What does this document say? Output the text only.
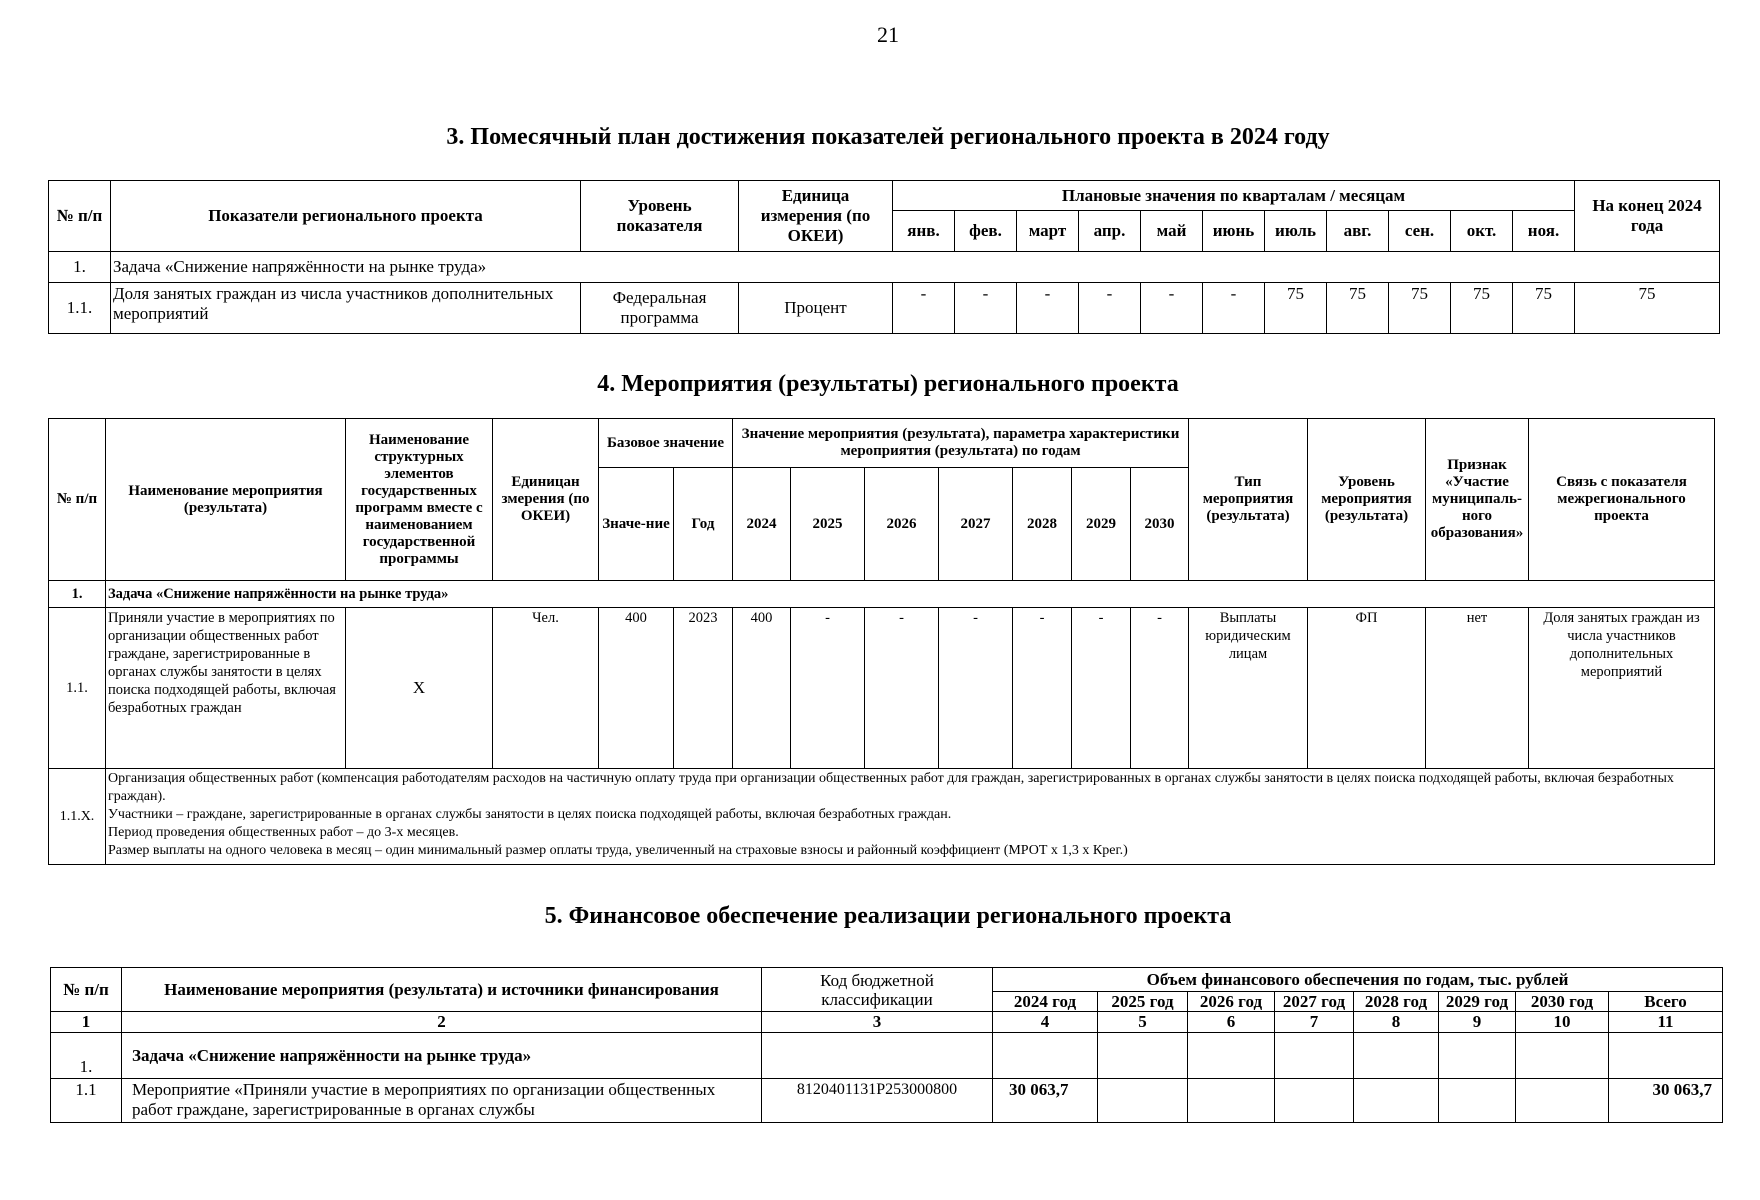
21
3. Помесячный план достижения показателей регионального проекта в 2024 году
№ п/п	Показатели регионального проекта	Уровень показателя	Единица измерения (по ОКЕИ)	Плановые значения по кварталам / месяцам											На конец 2024 года
				янв.	фев.	март	апр.	май	июнь	июль	авг.	сен.	окт.	ноя.	
1.	Задача «Снижение напряжённости на рынке труда»														
1.1.	Доля занятых граждан из числа участников дополнительных мероприятий	Федеральная программа	Процент	-	-	-	-	-	-	75	75	75	75	75	75
4. Мероприятия (результаты) регионального проекта
№ п/п	Наименование мероприятия (результата)	Наименование структурных элементов государственных программ вместе с наименованием государственной программы	Единицан змерения (по ОКЕИ)	Базовое значение		Значение мероприятия (результата), параметра характеристики мероприятия (результата) по годам							Тип мероприятия (результата)	Уровень мероприятия (результата)	Признак «Участие муниципаль-ного образования»	Связь с показателя межрегионального проекта
				Значе-ние	Год	2024	2025	2026	2027	2028	2029	2030				
1.	Задача «Снижение напряжённости на рынке труда»															
1.1.	Приняли участие в мероприятиях по организации общественных работ граждане, зарегистрированные в органах службы занятости в целях поиска подходящей работы, включая безработных граждан	Х	Чел.	400	2023	400	-	-	-	-	-	-	Выплаты юридическим лицам	ФП	нет	Доля занятых граждан из числа участников дополнительных мероприятий
1.1.Х.	Организация общественных работ (компенсация работодателям расходов на частичную оплату труда при организации общественных работ для граждан, зарегистрированных в органах службы занятости в целях поиска подходящей работы, включая безработных граждан).
Участники – граждане, зарегистрированные в органах службы занятости в целях поиска подходящей работы, включая безработных граждан.
Период проведения общественных работ – до 3-х месяцев.
Размер выплаты на одного человека в месяц – один минимальный размер оплаты труда, увеличенный на страховые взносы и районный коэффициент (МРОТ х 1,3 х Крег.)															
5. Финансовое обеспечение реализации регионального проекта
№ п/п	Наименование мероприятия (результата) и источники финансирования	Код бюджетной классификации	Объем финансового обеспечения по годам, тыс. рублей							
			2024 год	2025 год	2026 год	2027 год	2028 год	2029 год	2030 год	Всего
1	2	3	4	5	6	7	8	9	10	11
1.	Задача «Снижение напряжённости на рынке труда»									
1.1	Мероприятие «Приняли участие в мероприятиях по организации общественных работ граждане, зарегистрированные в органах службы	8120401131Р253000800	30 063,7							30 063,7
